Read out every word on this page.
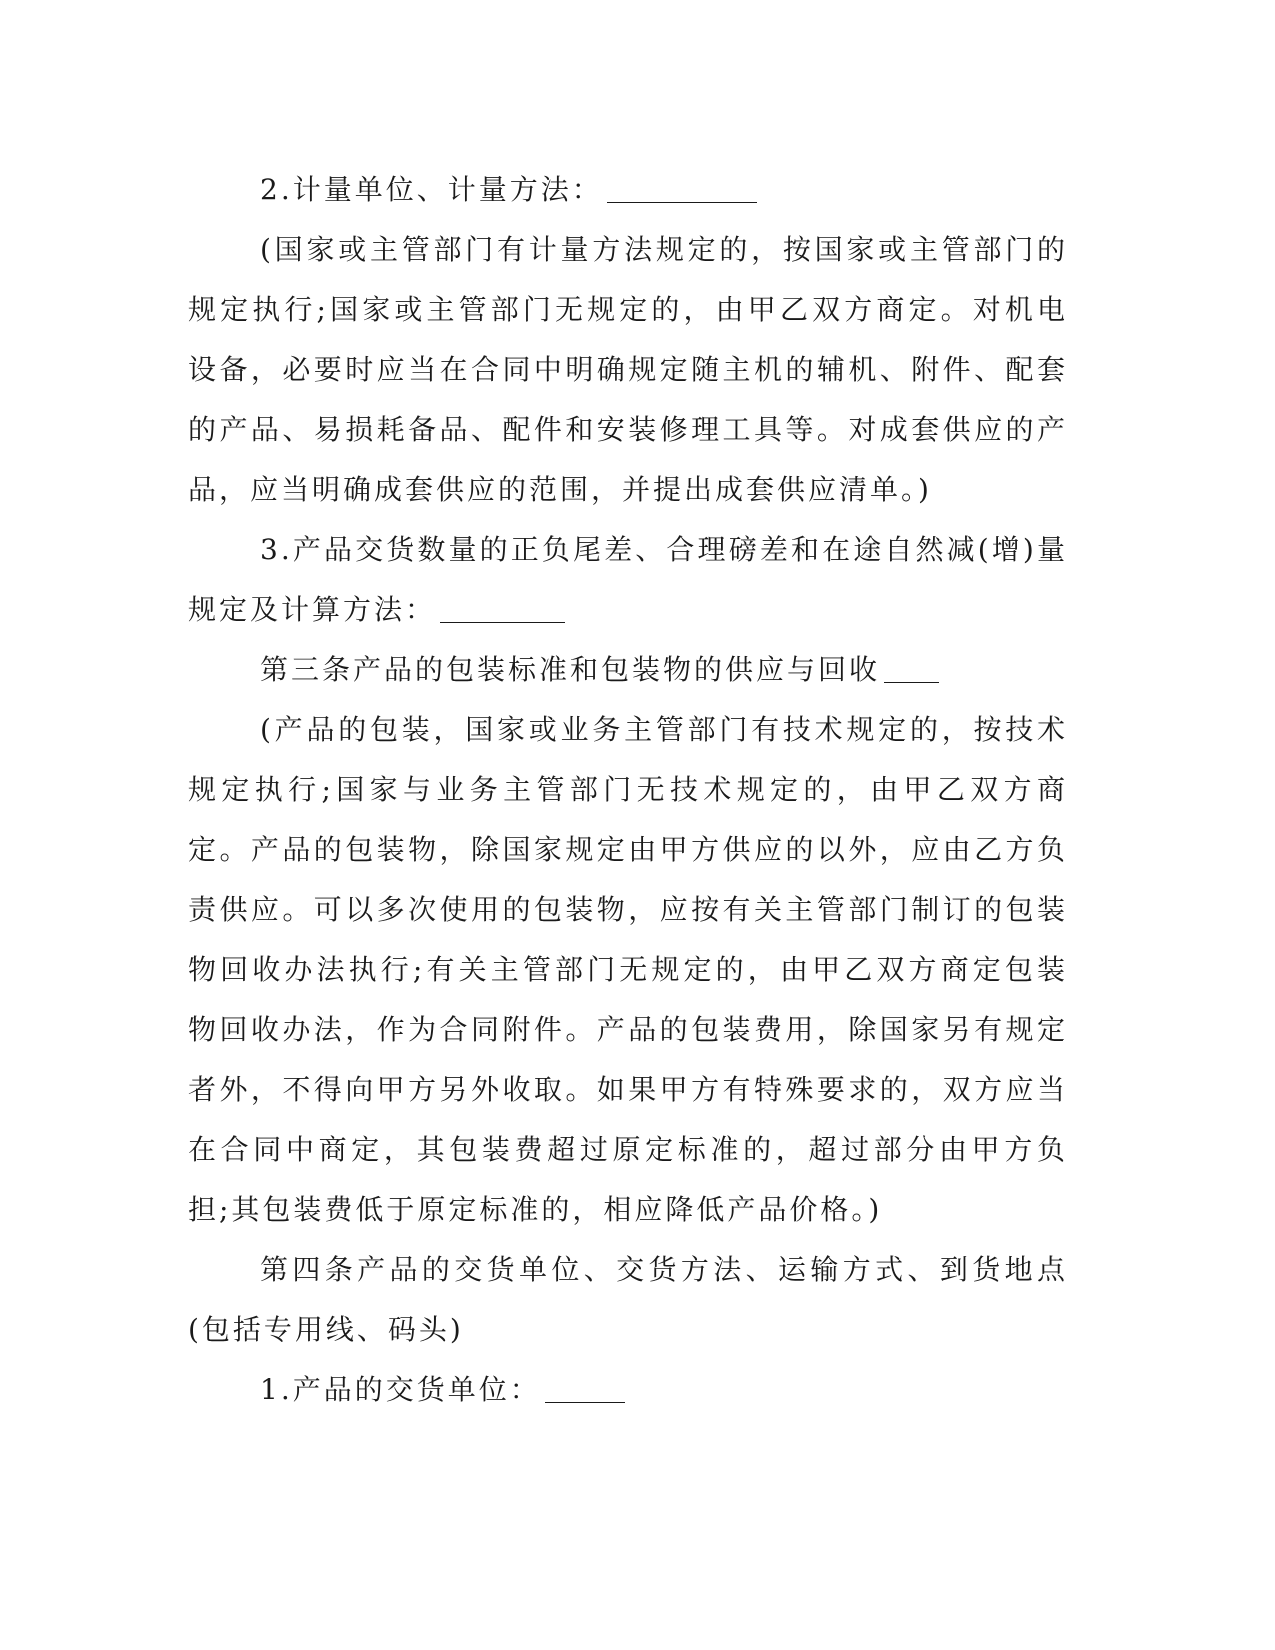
2.计量单位、计量方法：

(国家或主管部门有计量方法规定的，按国家或主管部门的规定执行;国家或主管部门无规定的，由甲乙双方商定。对机电设备，必要时应当在合同中明确规定随主机的辅机、附件、配套的产品、易损耗备品、配件和安装修理工具等。对成套供应的产品，应当明确成套供应的范围，并提出成套供应清单。)

3.产品交货数量的正负尾差、合理磅差和在途自然减(增)量规定及计算方法：

第三条产品的包装标准和包装物的供应与回收

(产品的包装，国家或业务主管部门有技术规定的，按技术规定执行;国家与业务主管部门无技术规定的，由甲乙双方商定。产品的包装物，除国家规定由甲方供应的以外，应由乙方负责供应。可以多次使用的包装物，应按有关主管部门制订的包装物回收办法执行;有关主管部门无规定的，由甲乙双方商定包装物回收办法，作为合同附件。产品的包装费用，除国家另有规定者外，不得向甲方另外收取。如果甲方有特殊要求的，双方应当在合同中商定，其包装费超过原定标准的，超过部分由甲方负担;其包装费低于原定标准的，相应降低产品价格。)

第四条产品的交货单位、交货方法、运输方式、到货地点(包括专用线、码头)

1.产品的交货单位：
